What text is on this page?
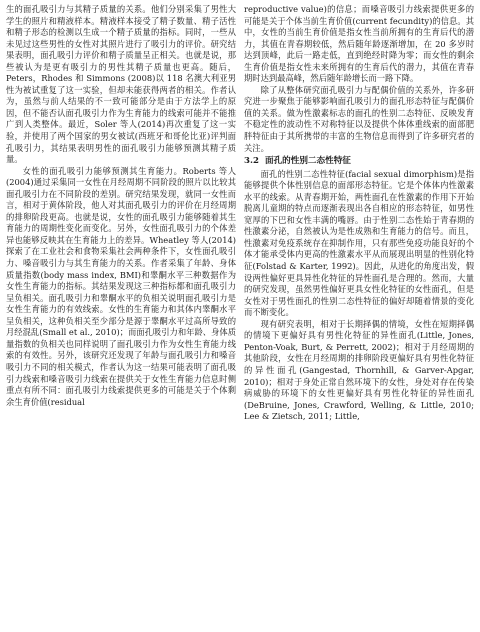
生的面孔吸引力与其精子质量的关系。他们分别采集了男性大学生的照片和精液样本。精液样本接受了精子数量、精子活性和精子形态的检测以生成一个精子质量的指标。同时，一些从未见过这些男性的女性对其照片进行了吸引力的评价。研究结果表明，面孔吸引力评价和精子质量呈正相关。也就是说，那些被认为是更有吸引力的男性其精子质量也更高。随后，Peters，Rhodes 和 Simmons (2008)以 118 名澳大利亚男性为被试重复了这一实验，但却未能获得两者的相关。作者认为，虽然与前人结果的不一致可能部分是由于方法学上的原因，但不能否认面孔吸引力作为生育能力的线索可能并不能推广到人类整体。最近，Soler 等人(2014)再次重复了这一实验，并使用了两个国家的男女被试(西班牙和哥伦比亚)评判面孔吸引力，其结果表明男性的面孔吸引力能够预测其精子质量。

女性的面孔吸引力能够预测其生育能力。Roberts 等人(2004)通过采集同一女性在月经周期不同阶段的照片以比较其面孔吸引力在不同阶段的差别。研究结果发现，就同一女性而言，相对于黄体阶段，他人对其面孔吸引力的评价在月经周期的排卵阶段更高。也就是说，女性的面孔吸引力能够随着其生育能力的周期性变化而变化。另外，女性面孔吸引力的个体差异也能够反映其在生育能力上的差异。Wheatley 等人(2014)探索了在工业社会和食物采集社会两种条件下，女性面孔吸引力、嗓音吸引力与其生育能力的关系。作者采集了年龄、身体质量指数(body mass index, BMI)和睾酮水平三种数据作为女性生育能力的指标。其结果发现这三种指标都和面孔吸引力呈负相关。面孔吸引力和睾酮水平的负相关说明面孔吸引力是女性生育能力的有效线索。女性的生育能力和其体内睾酮水平呈负相关，这种负相关至少部分是源于睾酮水平过高所导致的月经混乱(Small et al., 2010)；而面孔吸引力和年龄、身体质量指数的负相关也同样说明了面孔吸引力作为女性生育能力线索的有效性。另外，该研究还发现了年龄与面孔吸引力和嗓音吸引力不同的相关模式，作者认为这一结果可能表明了面孔吸引力线索和嗓音吸引力线索在提供关于女性生育能力信息时侧重点有所不同：面孔吸引力线索提供更多的可能是关于个体剩余生育价值(residual

reproductive value)的信息；而嗓音吸引力线索提供更多的可能是关于个体当前生育价值(current fecundity)的信息。其中，女性的当前生育价值是指女性当前所拥有的生育后代的潜力，其值在青春期较低，然后随年龄逐渐增加，在 20 多岁时达到顶峰，此后一路走低，直到绝经时降为零；而女性的剩余生育价值是指女性未来所拥有的生育后代的潜力，其值在青春期时达到最高峰，然后随年龄增长而一路下降。

除了从整体研究面孔吸引力与配偶价值的关系外，许多研究进一步聚焦于能够影响面孔吸引力的面孔形态特征与配偶价值的关系。做为性激素标志的面孔的性别二态特征、反映发育不稳定性的波动性不对称特征以及提供个体体重线索的面部肥胖特征由于其所携带的丰富的生物信息而得到了许多研究者的关注。

3.2 面孔的性别二态性特征

面孔的性别二态性特征(facial sexual dimorphism)是指能够提供个体性别信息的面部形态特征。它是个体体内性激素水平的线索。从青春期开始，两性面孔在性激素的作用下开始脱离儿童期的特点而逐渐表现出各自相应的形态特征，如男性宽厚的下巴和女性丰满的嘴唇。由于性别二态性始于青春期的性激素分泌，自然被认为是性成熟和生育能力的信号。而且，性激素对免疫系统存在抑制作用，只有那些免疫功能良好的个体才能承受体内更高的性激素水平从而展现出明显的性别化特征(Folstad & Karter, 1992)。因此，从进化的角度出发，假设两性偏好更具异性化特征的异性面孔是合理的。然而，大量的研究发现，虽然男性偏好更具女性化特征的女性面孔，但是女性对于男性面孔的性别二态性特征的偏好却随着情景的变化而不断变化。

现有研究表明，相对于长期择偶的情境，女性在短期择偶的情境下更偏好具有男性化特征的异性面孔(Little, Jones, Penton-Voak, Burt, & Perrett, 2002)；相对于月经周期的其他阶段，女性在月经周期的排卵阶段更偏好具有男性化特征的异性面孔(Gangestad, Thornhill, & Garver-Apgar, 2010)；相对于身处正常自然环境下的女性，身处对存在传染病威胁的环境下的女性更偏好具有男性化特征的异性面孔(DeBruine, Jones, Crawford, Welling, & Little, 2010; Lee & Zietsch, 2011; Little,
